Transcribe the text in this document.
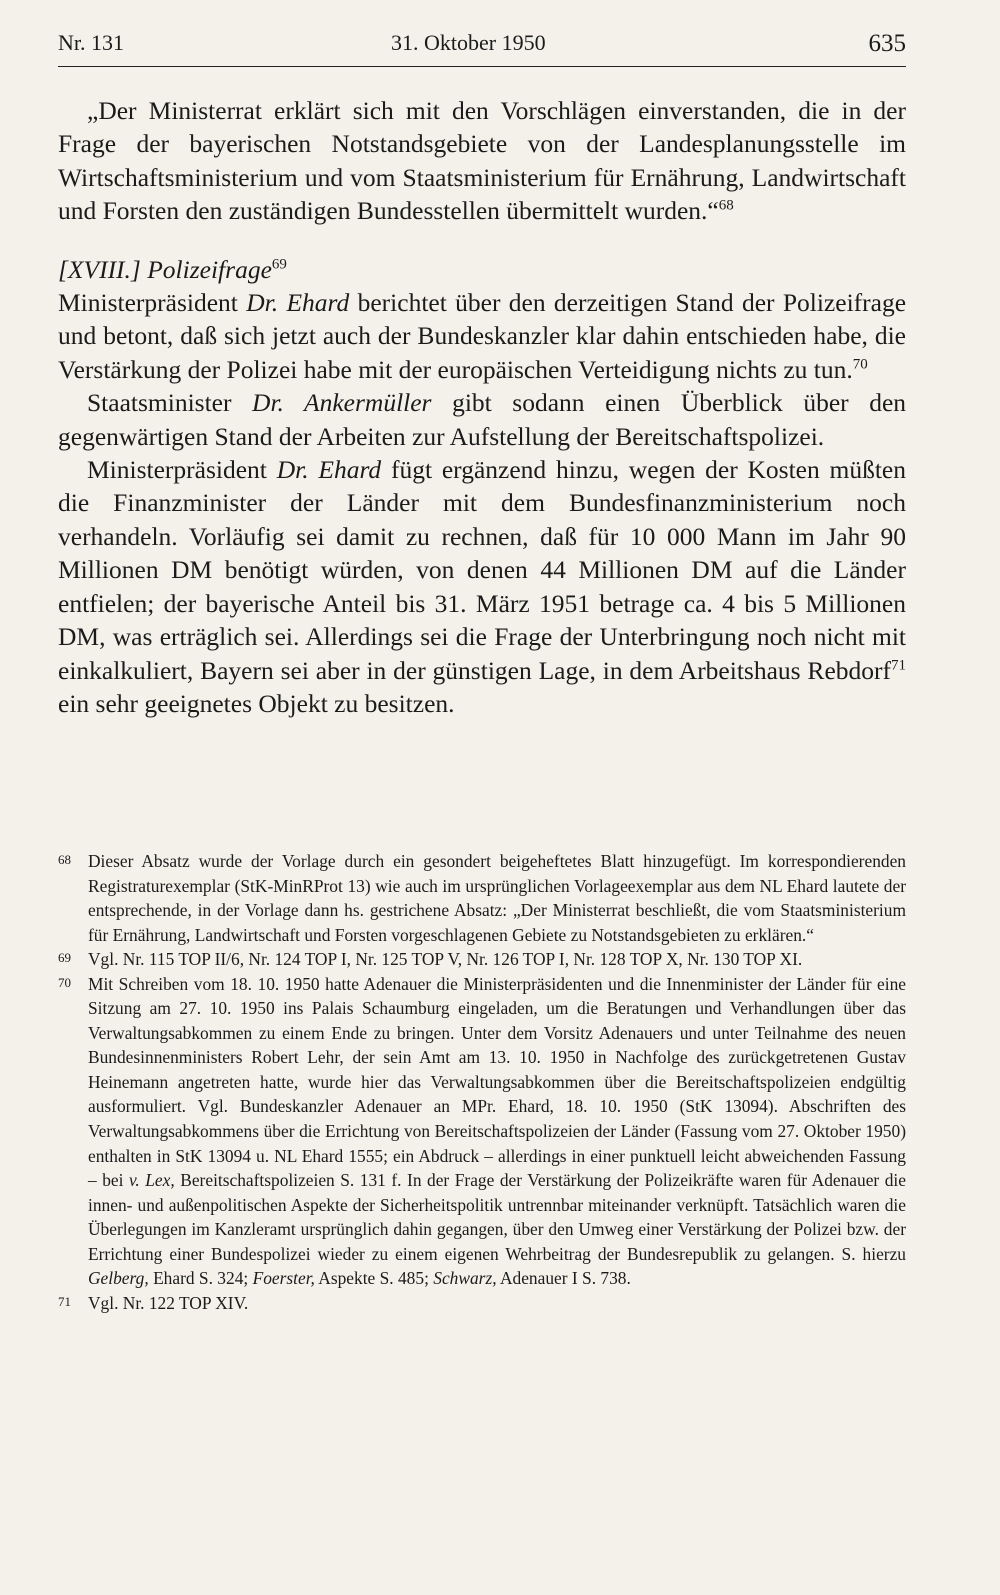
Nr. 131	31. Oktober 1950	635

„Der Ministerrat erklärt sich mit den Vorschlägen einverstanden, die in der Frage der bayerischen Notstandsgebiete von der Landesplanungsstelle im Wirtschaftsministerium und vom Staatsministerium für Ernährung, Landwirtschaft und Forsten den zuständigen Bundesstellen übermittelt wurden.“$^{68}$

[XVIII.] Polizeifrage$^{69}$

Ministerpräsident Dr. Ehard berichtet über den derzeitigen Stand der Polizeifrage und betont, daß sich jetzt auch der Bundeskanzler klar dahin entschieden habe, die Verstärkung der Polizei habe mit der europäischen Verteidigung nichts zu tun.$^{70}$

Staatsminister Dr. Ankermüller gibt sodann einen Überblick über den gegenwärtigen Stand der Arbeiten zur Aufstellung der Bereitschaftspolizei.

Ministerpräsident Dr. Ehard fügt ergänzend hinzu, wegen der Kosten müßten die Finanzminister der Länder mit dem Bundesfinanzministerium noch verhandeln. Vorläufig sei damit zu rechnen, daß für 10 000 Mann im Jahr 90 Millionen DM benötigt würden, von denen 44 Millionen DM auf die Länder entfielen; der bayerische Anteil bis 31. März 1951 betrage ca. 4 bis 5 Millionen DM, was erträglich sei. Allerdings sei die Frage der Unterbringung noch nicht mit einkalkuliert, Bayern sei aber in der günstigen Lage, in dem Arbeitshaus Rebdorf$^{71}$ ein sehr geeignetes Objekt zu besitzen.

68 Dieser Absatz wurde der Vorlage durch ein gesondert beigeheftetes Blatt hinzugefügt. Im korrespondierenden Registraturexemplar (StK-MinRProt 13) wie auch im ursprünglichen Vorlageexemplar aus dem NL Ehard lautete der entsprechende, in der Vorlage dann hs. gestrichene Absatz: „Der Ministerrat beschließt, die vom Staatsministerium für Ernährung, Landwirtschaft und Forsten vorgeschlagenen Gebiete zu Notstandsgebieten zu erklären.“
69 Vgl. Nr. 115 TOP II/6, Nr. 124 TOP I, Nr. 125 TOP V, Nr. 126 TOP I, Nr. 128 TOP X, Nr. 130 TOP XI.
70 Mit Schreiben vom 18. 10. 1950 hatte Adenauer die Ministerpräsidenten und die Innenminister der Länder für eine Sitzung am 27. 10. 1950 ins Palais Schaumburg eingeladen, um die Beratungen und Verhandlungen über das Verwaltungsabkommen zu einem Ende zu bringen. Unter dem Vorsitz Adenauers und unter Teilnahme des neuen Bundesinnenministers Robert Lehr, der sein Amt am 13. 10. 1950 in Nachfolge des zurückgetretenen Gustav Heinemann angetreten hatte, wurde hier das Verwaltungsabkommen über die Bereitschaftspolizeien endgültig ausformuliert. Vgl. Bundeskanzler Adenauer an MPr. Ehard, 18. 10. 1950 (StK 13094). Abschriften des Verwaltungsabkommens über die Errichtung von Bereitschaftspolizeien der Länder (Fassung vom 27. Oktober 1950) enthalten in StK 13094 u. NL Ehard 1555; ein Abdruck – allerdings in einer punktuell leicht abweichenden Fassung – bei v. Lex, Bereitschaftspolizeien S. 131 f. In der Frage der Verstärkung der Polizeikräfte waren für Adenauer die innen- und außenpolitischen Aspekte der Sicherheitspolitik untrennbar miteinander verknüpft. Tatsächlich waren die Überlegungen im Kanzleramt ursprünglich dahin gegangen, über den Umweg einer Verstärkung der Polizei bzw. der Errichtung einer Bundespolizei wieder zu einem eigenen Wehrbeitrag der Bundesrepublik zu gelangen. S. hierzu Gelberg, Ehard S. 324; Foerster, Aspekte S. 485; Schwarz, Adenauer I S. 738.
71 Vgl. Nr. 122 TOP XIV.
